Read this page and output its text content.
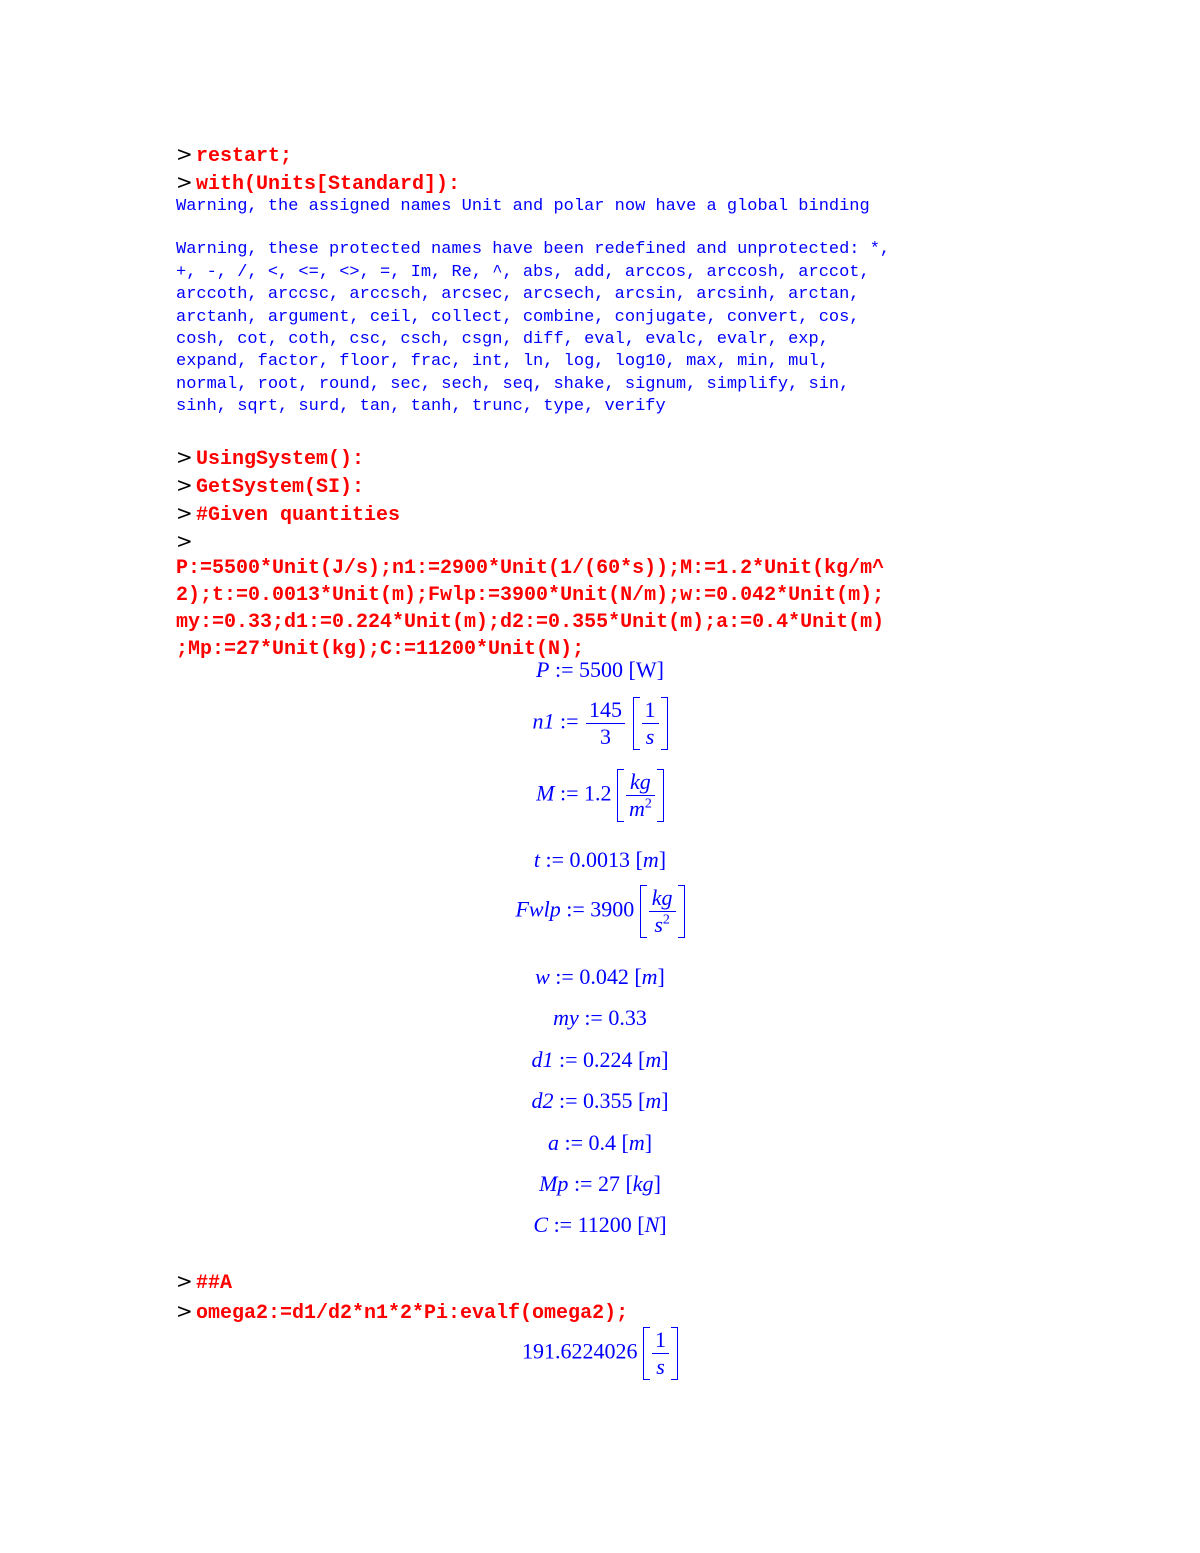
> restart;
> with(Units[Standard]):
Warning, the assigned names Unit and polar now have a global binding
Warning, these protected names have been redefined and unprotected: *,
+, -, /, <, <=, <>, =, Im, Re, ^, abs, add, arccos, arccosh, arccot,
arccoth, arccsc, arccsch, arcsec, arcsech, arcsin, arcsinh, arctan,
arctanh, argument, ceil, collect, combine, conjugate, convert, cos,
cosh, cot, coth, csc, csch, csgn, diff, eval, evalc, evalr, exp,
expand, factor, floor, frac, int, ln, log, log10, max, min, mul,
normal, root, round, sec, sech, seq, shake, signum, simplify, sin,
sinh, sqrt, surd, tan, tanh, trunc, type, verify
> UsingSystem():
> GetSystem(SI):
> #Given quantities
>
P:=5500*Unit(J/s);n1:=2900*Unit(1/(60*s));M:=1.2*Unit(kg/m^
2);t:=0.0013*Unit(m);Fwlp:=3900*Unit(N/m);w:=0.042*Unit(m);
my:=0.33;d1:=0.224*Unit(m);d2:=0.355*Unit(m);a:=0.4*Unit(m)
;Mp:=27*Unit(kg);C:=11200*Unit(N);
P := 5500 [W]
n1 := $\frac{145}{3}$
$\frac{1}{s}$
M := $1.2 \frac{kg}{m^2}$
t := 0.0013 [m]
Fwlp := $3900 \frac{kg}{s^2}$
w := 0.042 [m]
my := 0.33
d1 := 0.224 [m]
d2 := 0.355 [m]
a := 0.4 [m]
Mp := 27 [kg]
C := 11200 [N]
> ##A
> omega2:=d1/d2*n1*2*Pi:evalf(omega2);
$191.6224026 \frac{1}{s}$
